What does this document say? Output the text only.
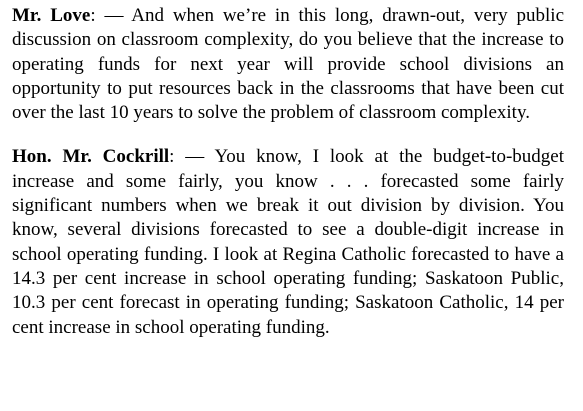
Mr. Love: — And when we’re in this long, drawn-out, very public discussion on classroom complexity, do you believe that the increase to operating funds for next year will provide school divisions an opportunity to put resources back in the classrooms that have been cut over the last 10 years to solve the problem of classroom complexity.

Hon. Mr. Cockrill: — You know, I look at the budget-to-budget increase and some fairly, you know . . . forecasted some fairly significant numbers when we break it out division by division. You know, several divisions forecasted to see a double-digit increase in school operating funding. I look at Regina Catholic forecasted to have a 14.3 per cent increase in school operating funding; Saskatoon Public, 10.3 per cent forecast in operating funding; Saskatoon Catholic, 14 per cent increase in school operating funding.
